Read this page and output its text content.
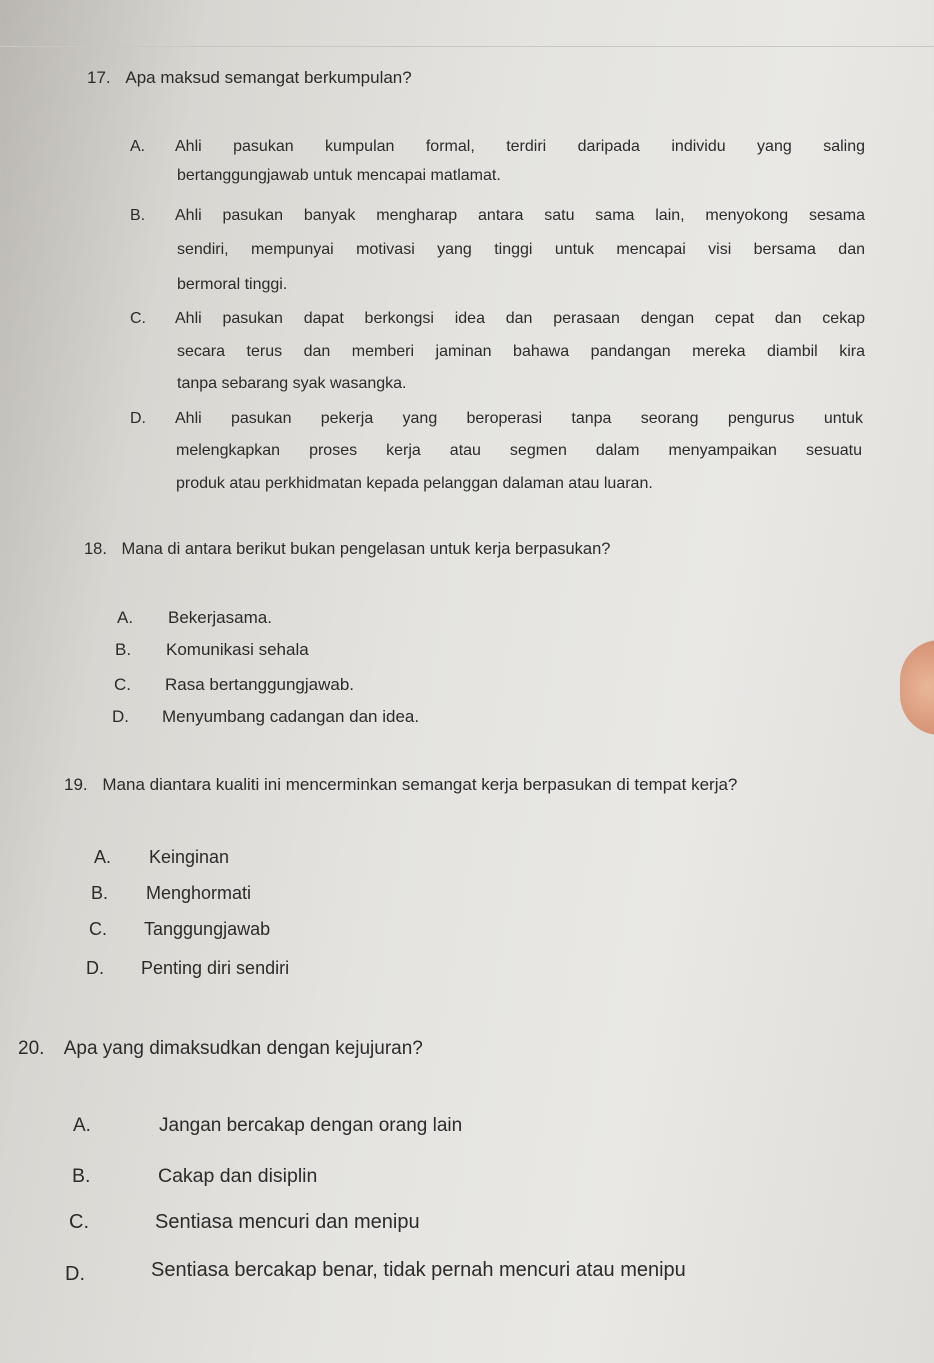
17. Apa maksud semangat berkumpulan?
A. Ahli pasukan kumpulan formal, terdiri daripada individu yang saling
bertanggungjawab untuk mencapai matlamat.
B. Ahli pasukan banyak mengharap antara satu sama lain, menyokong sesama
sendiri, mempunyai motivasi yang tinggi untuk mencapai visi bersama dan
bermoral tinggi.
C. Ahli pasukan dapat berkongsi idea dan perasaan dengan cepat dan cekap
secara terus dan memberi jaminan bahawa pandangan mereka diambil kira
tanpa sebarang syak wasangka.
D. Ahli pasukan pekerja yang beroperasi tanpa seorang pengurus untuk
melengkapkan proses kerja atau segmen dalam menyampaikan sesuatu
produk atau perkhidmatan kepada pelanggan dalaman atau luaran.
18. Mana di antara berikut bukan pengelasan untuk kerja berpasukan?
A. Bekerjasama.
B. Komunikasi sehala
C. Rasa bertanggungjawab.
D. Menyumbang cadangan dan idea.
19. Mana diantara kualiti ini mencerminkan semangat kerja berpasukan di tempat kerja?
A. Keinginan
B. Menghormati
C. Tanggungjawab
D. Penting diri sendiri
20. Apa yang dimaksudkan dengan kejujuran?
A.	Jangan bercakap dengan orang lain
B.	Cakap dan disiplin
C.	Sentiasa mencuri dan menipu
D.	Sentiasa bercakap benar, tidak pernah mencuri atau menipu
